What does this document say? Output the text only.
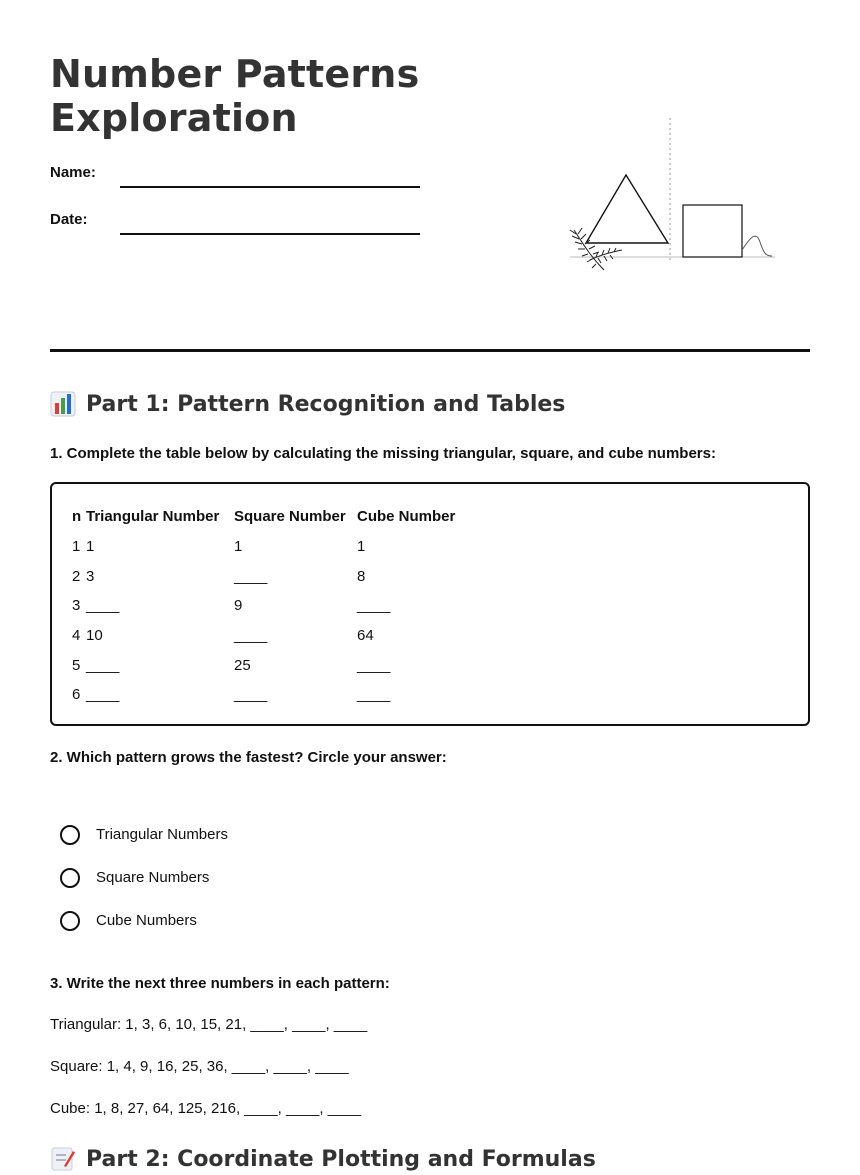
Number Patterns
Exploration
Name:
Date:
Part 1: Pattern Recognition and Tables
1. Complete the table below by calculating the missing triangular, square, and cube numbers:
n	Triangular Number	Square Number	Cube Number
1	1	1	1
2	3	____	8
3	____	9	____
4	10	____	64
5	____	25	____
6	____	____	____
2. Which pattern grows the fastest? Circle your answer:
Triangular Numbers
Square Numbers
Cube Numbers
3. Write the next three numbers in each pattern:
Triangular: 1, 3, 6, 10, 15, 21, ____, ____, ____
Square: 1, 4, 9, 16, 25, 36, ____, ____, ____
Cube: 1, 8, 27, 64, 125, 216, ____, ____, ____
Part 2: Coordinate Plotting and Formulas
